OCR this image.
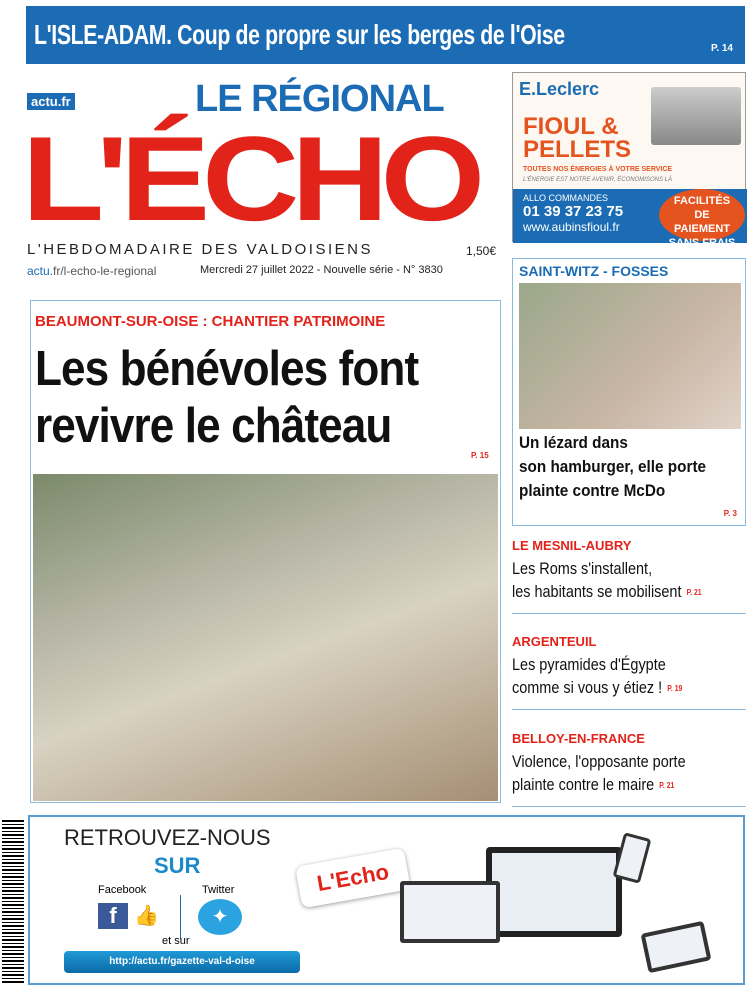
L'ISLE-ADAM. Coup de propre sur les berges de l'Oise	P. 14
actu.fr	LE RÉGIONAL
L'ÉCHO
L'HEBDOMADAIRE DES VALDOISIENS	1,50€
actu.fr/l-echo-le-regional	Mercredi 27 juillet 2022 - Nouvelle série - N° 3830
E.Leclerc
FIOUL & PELLETS
TOUTES NOS ÉNERGIES À VOTRE SERVICE
L'ÉNERGIE EST NOTRE AVENIR, ÉCONOMISONS LÀ
ALLO COMMANDES
01 39 37 23 75
www.aubinsfioul.fr
FACILITÉS DE PAIEMENT SANS FRAIS
BEAUMONT-SUR-OISE : CHANTIER PATRIMOINE
Les bénévoles font
revivre le château
P. 15
SAINT-WITZ - FOSSES
Un lézard dans
son hamburger, elle porte
plainte contre McDo
P. 3
LE MESNIL-AUBRY
Les Roms s'installent,
les habitants se mobilisent P. 21
ARGENTEUIL
Les pyramides d'Égypte
comme si vous y étiez ! P. 19
BELLOY-EN-FRANCE
Violence, l'opposante porte
plainte contre le maire P. 21
RETROUVEZ-NOUS
SUR
Facebook	Twitter
f 👍	✦
et sur
http://actu.fr/gazette-val-d-oise
L'Echo
